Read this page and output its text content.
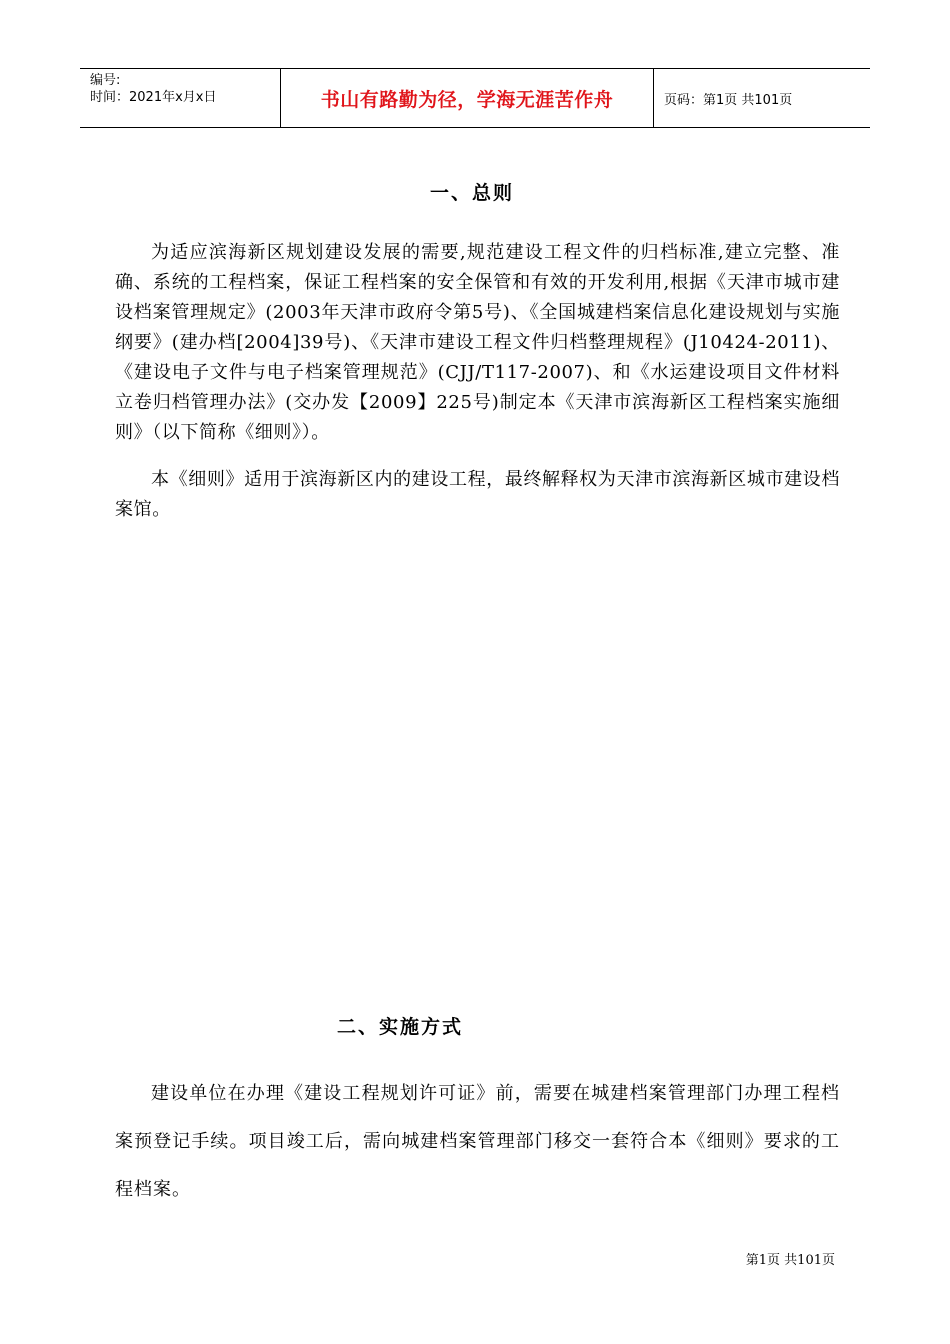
编号:
时间：2021年x月x日	书山有路勤为径，学海无涯苦作舟	页码：第1页 共101页
一、总则

为适应滨海新区规划建设发展的需要,规范建设工程文件的归档标准,建立完整、准确、系统的工程档案，保证工程档案的安全保管和有效的开发利用,根据《天津市城市建设档案管理规定》(2003年天津市政府令第5号)、《全国城建档案信息化建设规划与实施纲要》(建办档[2004]39号)、《天津市建设工程文件归档整理规程》(J10424-2011)、《建设电子文件与电子档案管理规范》(CJJ/T117-2007)、和《水运建设项目文件材料立卷归档管理办法》(交办发【2009】225号)制定本《天津市滨海新区工程档案实施细则》（以下简称《细则》）。

本《细则》适用于滨海新区内的建设工程，最终解释权为天津市滨海新区城市建设档案馆。

二、实施方式

建设单位在办理《建设工程规划许可证》前，需要在城建档案管理部门办理工程档案预登记手续。项目竣工后，需向城建档案管理部门移交一套符合本《细则》要求的工程档案。

第1页 共101页
